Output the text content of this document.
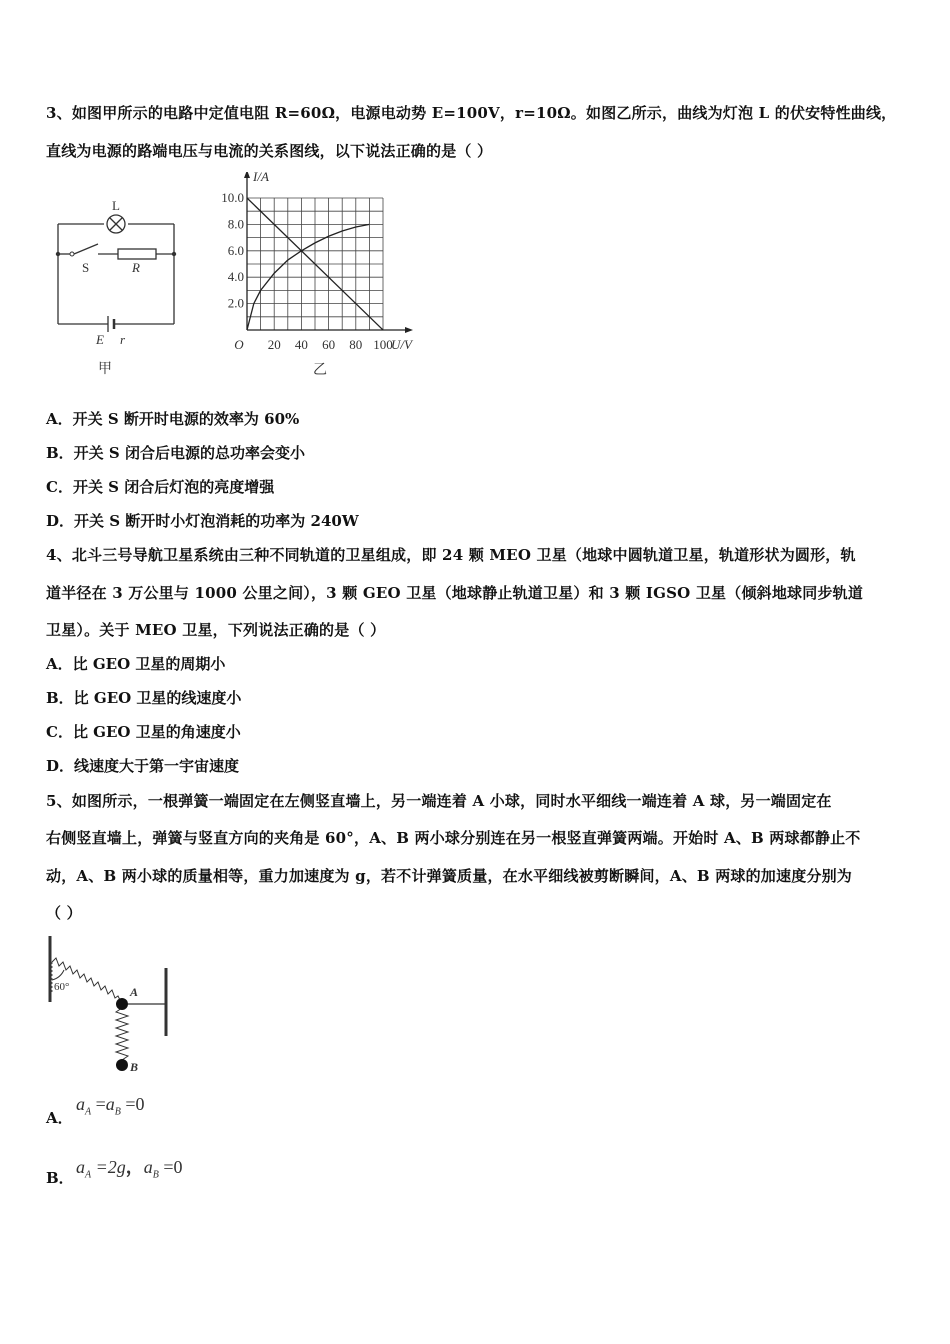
3、如图甲所示的电路中定值电阻 R=60Ω，电源电动势 E=100V，r=10Ω。如图乙所示，曲线为灯泡 L 的伏安特性曲线，
直线为电源的路端电压与电流的关系图线，以下说法正确的是（ ）
L
S	R
E r
甲
20 40 60 80 100
2.0
4.0
6.0
8.0
10.0
O	U/V
I/A
乙
A．开关 S 断开时电源的效率为 60%
B．开关 S 闭合后电源的总功率会变小
C．开关 S 闭合后灯泡的亮度增强
D．开关 S 断开时小灯泡消耗的功率为 240W
4、北斗三号导航卫星系统由三种不同轨道的卫星组成，即 24 颗 MEO 卫星（地球中圆轨道卫星，轨道形状为圆形，轨
道半径在 3 万公里与 1000 公里之间），3 颗 GEO 卫星（地球静止轨道卫星）和 3 颗 IGSO 卫星（倾斜地球同步轨道
卫星）。关于 MEO 卫星，下列说法正确的是（ ）
A．比 GEO 卫星的周期小
B．比 GEO 卫星的线速度小
C．比 GEO 卫星的角速度小
D．线速度大于第一宇宙速度
5、如图所示，一根弹簧一端固定在左侧竖直墙上，另一端连着 A 小球，同时水平细线一端连着 A 球，另一端固定在
右侧竖直墙上，弹簧与竖直方向的夹角是 60°，A、B 两小球分别连在另一根竖直弹簧两端。开始时 A、B 两球都静止不
动，A、B 两小球的质量相等，重力加速度为 g，若不计弹簧质量，在水平细线被剪断瞬间，A、B 两球的加速度分别为
（ ）
60°	A
B
A．
$a_A =a_B =0$
B．
$a_A =2g$，$a_B =0$
